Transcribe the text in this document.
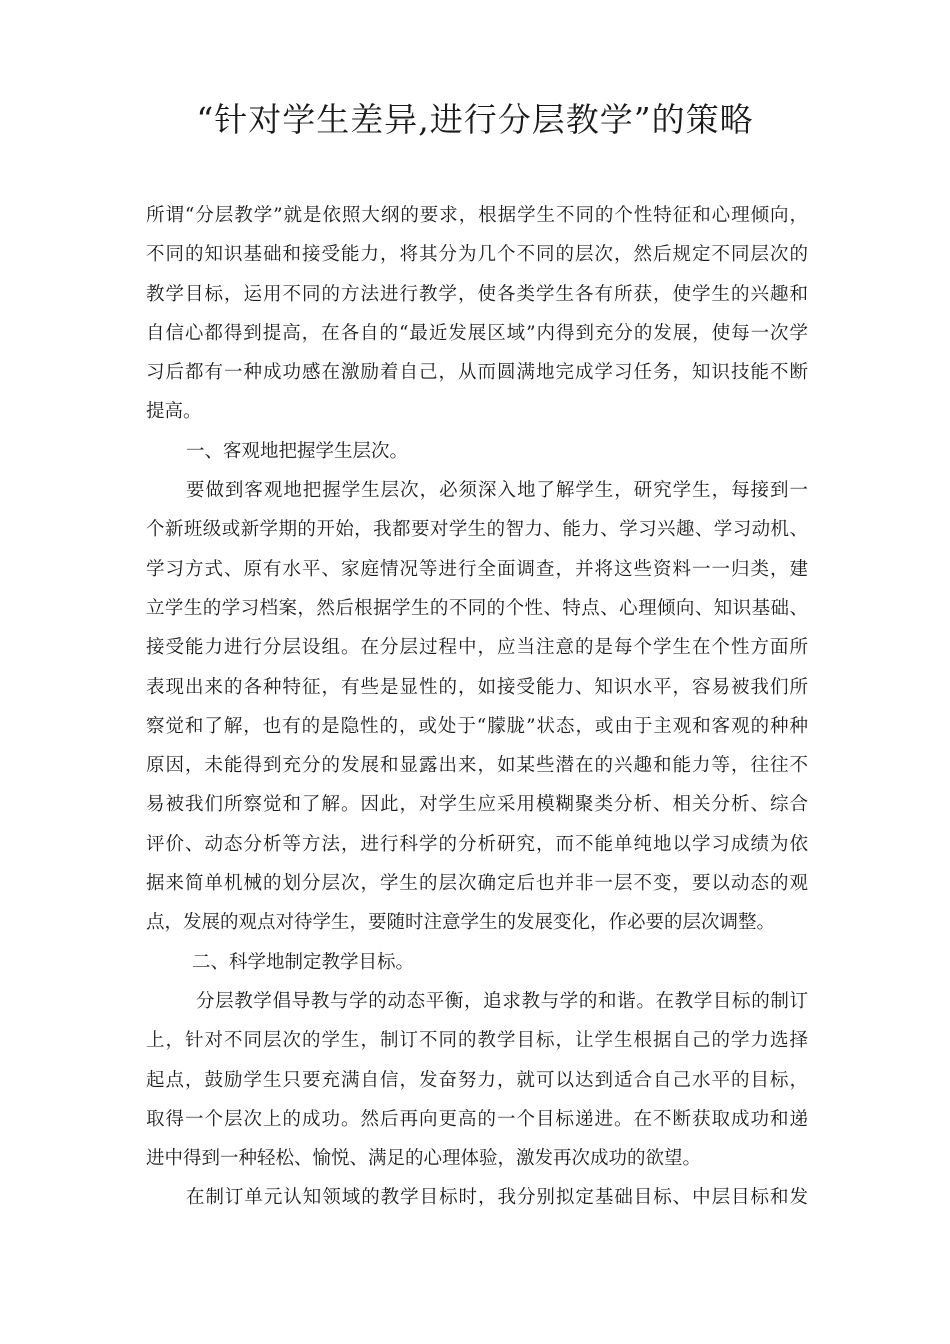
“针对学生差异,进行分层教学”的策略
所谓“分层教学”就是依照大纲的要求，根据学生不同的个性特征和心理倾向，
不同的知识基础和接受能力，将其分为几个不同的层次，然后规定不同层次的
教学目标，运用不同的方法进行教学，使各类学生各有所获，使学生的兴趣和
自信心都得到提高，在各自的“最近发展区域”内得到充分的发展，使每一次学
习后都有一种成功感在激励着自己，从而圆满地完成学习任务，知识技能不断
提高。
一、客观地把握学生层次。
要做到客观地把握学生层次，必须深入地了解学生，研究学生，每接到一
个新班级或新学期的开始，我都要对学生的智力、能力、学习兴趣、学习动机、
学习方式、原有水平、家庭情况等进行全面调查，并将这些资料一一归类，建
立学生的学习档案，然后根据学生的不同的个性、特点、心理倾向、知识基础、
接受能力进行分层设组。在分层过程中，应当注意的是每个学生在个性方面所
表现出来的各种特征，有些是显性的，如接受能力、知识水平，容易被我们所
察觉和了解，也有的是隐性的，或处于“朦胧”状态，或由于主观和客观的种种
原因，未能得到充分的发展和显露出来，如某些潜在的兴趣和能力等，往往不
易被我们所察觉和了解。因此，对学生应采用模糊聚类分析、相关分析、综合
评价、动态分析等方法，进行科学的分析研究，而不能单纯地以学习成绩为依
据来简单机械的划分层次，学生的层次确定后也并非一层不变，要以动态的观
点，发展的观点对待学生，要随时注意学生的发展变化，作必要的层次调整。
二、科学地制定教学目标。
分层教学倡导教与学的动态平衡，追求教与学的和谐。在教学目标的制订
上，针对不同层次的学生，制订不同的教学目标，让学生根据自己的学力选择
起点，鼓励学生只要充满自信，发奋努力，就可以达到适合自己水平的目标，
取得一个层次上的成功。然后再向更高的一个目标递进。在不断获取成功和递
进中得到一种轻松、愉悦、满足的心理体验，激发再次成功的欲望。
在制订单元认知领域的教学目标时，我分别拟定基础目标、中层目标和发
